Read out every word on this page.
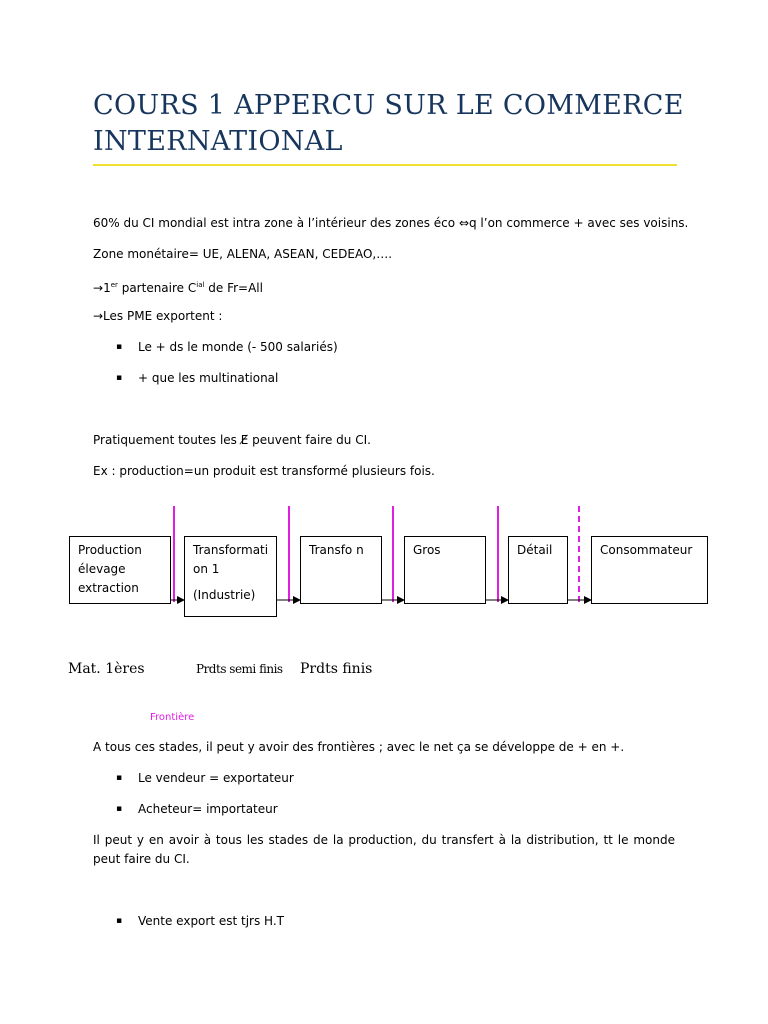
COURS 1 APPERCU SUR LE COMMERCE INTERNATIONAL
60% du CI mondial est intra zone à l’intérieur des zones éco ⇔q l’on commerce + avec ses voisins.
Zone monétaire= UE, ALENA, ASEAN, CEDEAO,….
→1er partenaire $C^{ial}$ de Fr=All
→Les PME exportent :
▪ Le + ds le monde (- 500 salariés)
▪ + que les multinational
Pratiquement toutes les E̸ peuvent faire du CI.
Ex : production=un produit est transformé plusieurs fois.
Production
élevage
extraction
Transformati
on 1
(Industrie)
Transfo n	Gros	Détail	Consommateur
Mat. 1ères	Prdts semi finis Prdts finis
Frontière
A tous ces stades, il peut y avoir des frontières ; avec le net ça se développe de + en +.
▪ Le vendeur = exportateur
▪ Acheteur= importateur
Il peut y en avoir à tous les stades de la production, du transfert à la distribution, tt le monde peut faire du CI.
▪ Vente export est tjrs H.T
